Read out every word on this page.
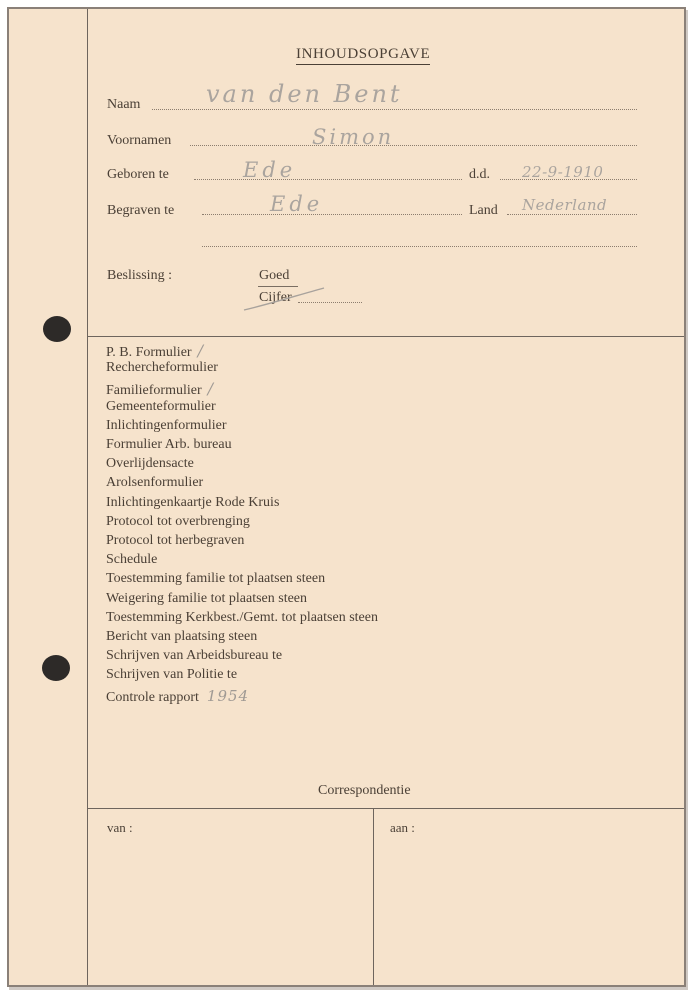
INHOUDSOPGAVE
Naam	van den Bent
Voornamen	Simon
Geboren te	Ede	d.d. 22-9-1910
Begraven te	Ede	Land Nederland
Beslissing :	Goed
Cijfer
P. B. Formulier /
Rechercheformulier
Familieformulier /
Gemeenteformulier
Inlichtingenformulier
Formulier Arb. bureau
Overlijdensacte
Arolsenformulier
Inlichtingenkaartje Rode Kruis
Protocol tot overbrenging
Protocol tot herbegraven
Schedule
Toestemming familie tot plaatsen steen
Weigering familie tot plaatsen steen
Toestemming Kerkbest./Gemt. tot plaatsen steen
Bericht van plaatsing steen
Schrijven van Arbeidsbureau te
Schrijven van Politie te
Controle rapport 1954
Correspondentie
van :	aan :
